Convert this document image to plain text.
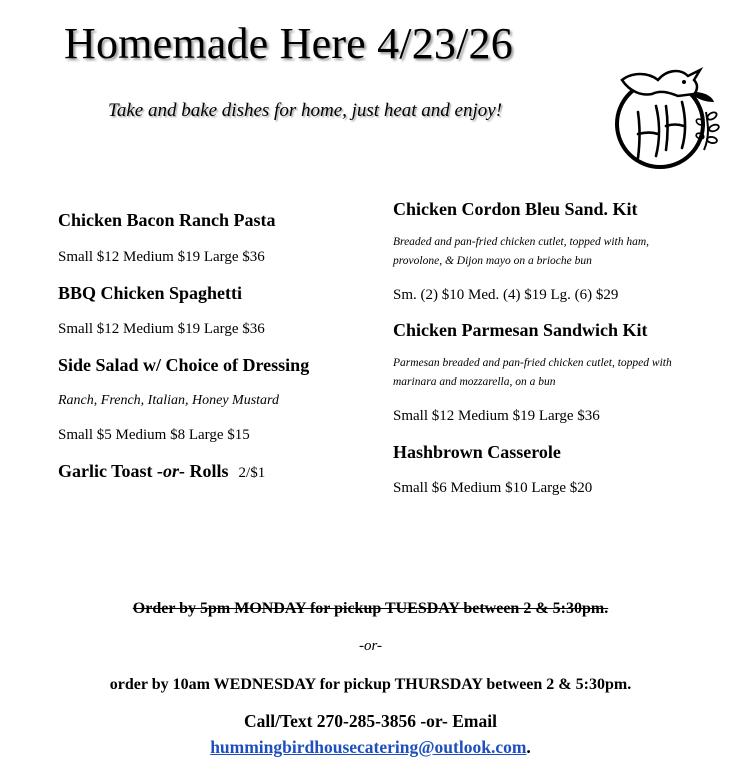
Homemade Here 4/23/26
Take and bake dishes for home, just heat and enjoy!
Chicken Bacon Ranch Pasta
Small $12 Medium $19 Large $36
BBQ Chicken Spaghetti
Small $12 Medium $19 Large $36
Side Salad w/ Choice of Dressing
Ranch, French, Italian, Honey Mustard
Small $5 Medium $8 Large $15
Garlic Toast -or- Rolls 2/$1
Chicken Cordon Bleu Sand. Kit
Breaded and pan-fried chicken cutlet, topped with ham, provolone, & Dijon mayo on a brioche bun
Sm. (2) $10 Med. (4) $19 Lg. (6) $29
Chicken Parmesan Sandwich Kit
Parmesan breaded and pan-fried chicken cutlet, topped with marinara and mozzarella, on a bun
Small $12 Medium $19 Large $36
Hashbrown Casserole
Small $6 Medium $10 Large $20
Order by 5pm MONDAY for pickup TUESDAY between 2 & 5:30pm.
-or-
order by 10am WEDNESDAY for pickup THURSDAY between 2 & 5:30pm.
Call/Text 270-285-3856 -or- Email
hummingbirdhousecatering@outlook.com.
